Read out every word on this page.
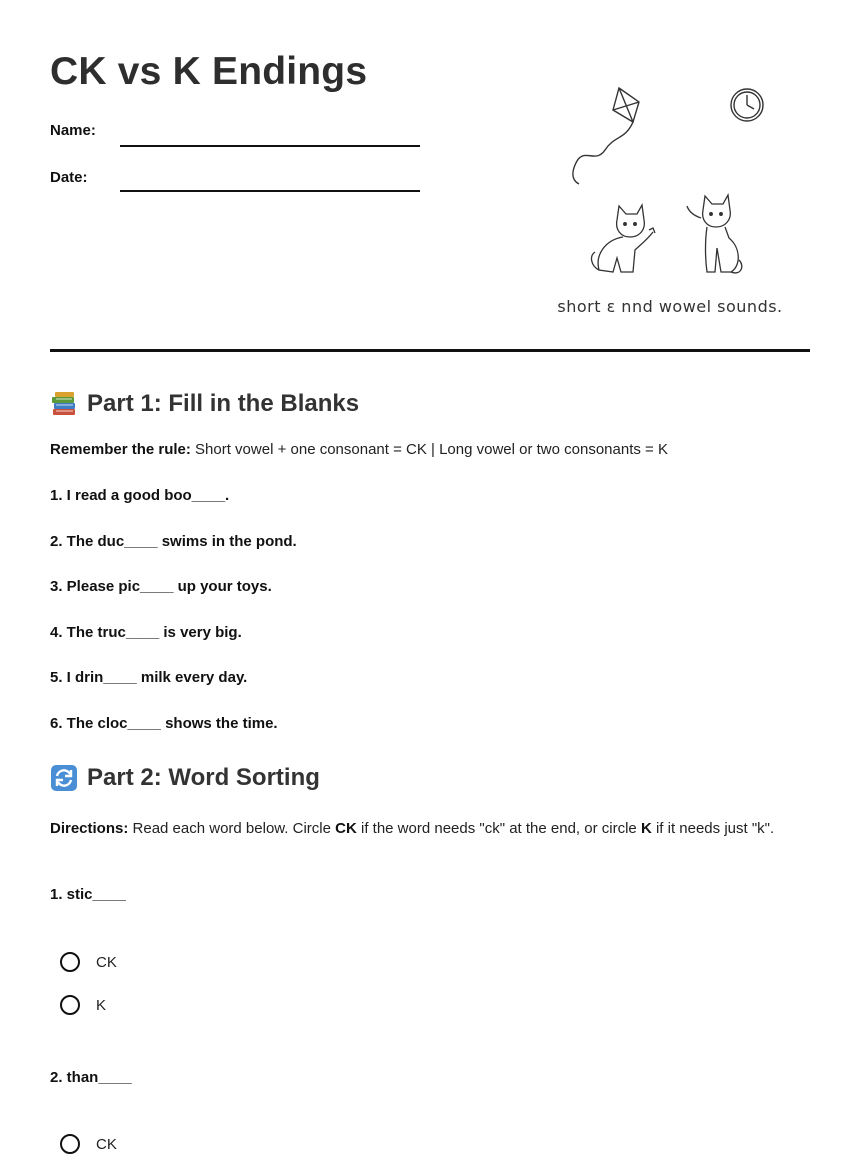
CK vs K Endings
Name:
Date:
short ɛ nnd wowel sounds.
Part 1: Fill in the Blanks
Remember the rule: Short vowel + one consonant = CK | Long vowel or two consonants = K
1. I read a good boo____.
2. The duc____ swims in the pond.
3. Please pic____ up your toys.
4. The truc____ is very big.
5. I drin____ milk every day.
6. The cloc____ shows the time.
Part 2: Word Sorting
Directions: Read each word below. Circle CK if the word needs "ck" at the end, or circle K if it needs just "k".
1. stic____
CK
K
2. than____
CK
